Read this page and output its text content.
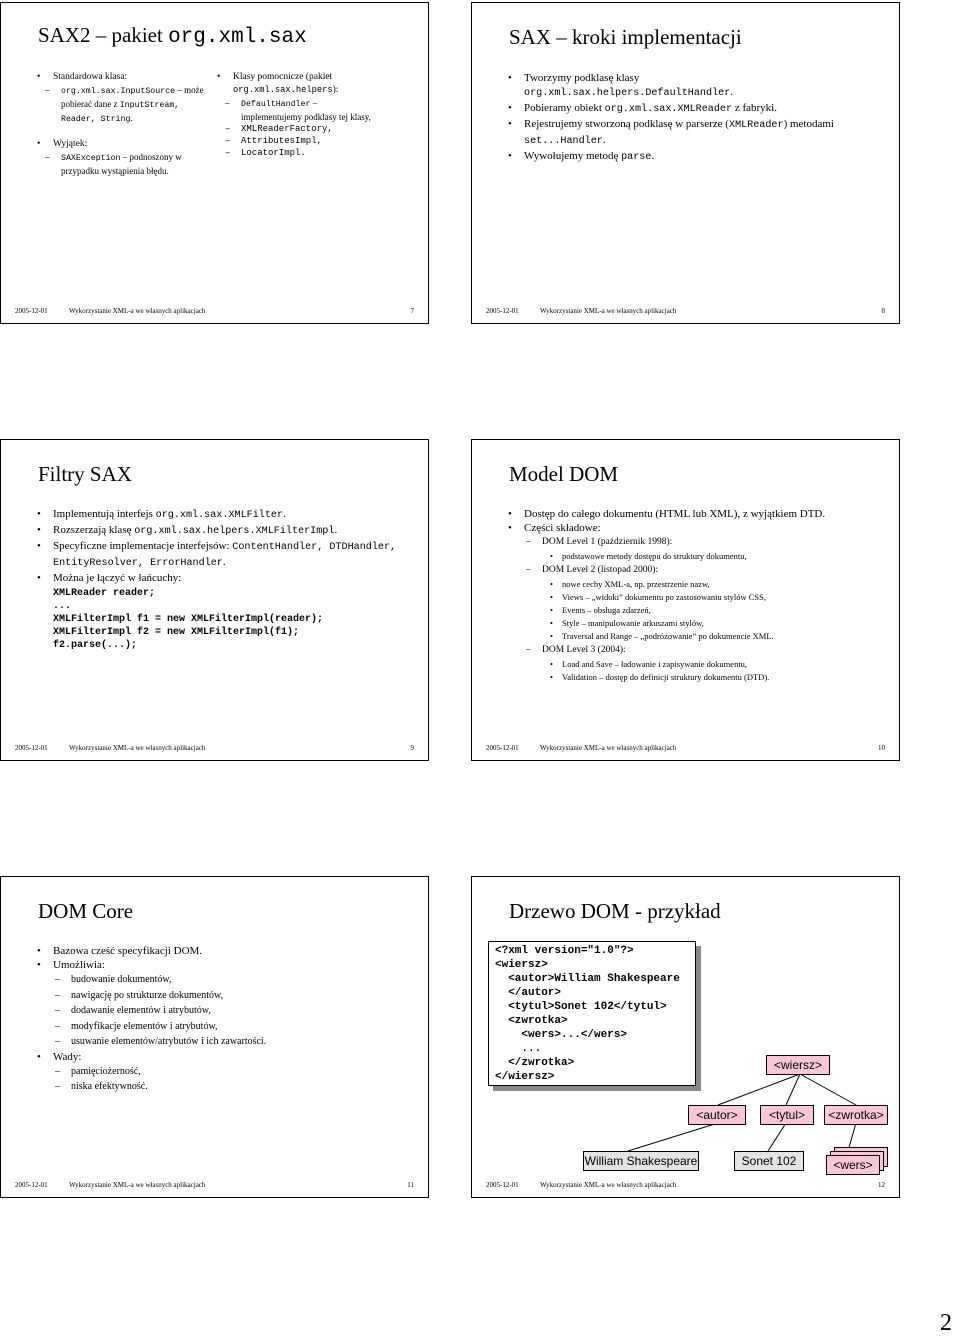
SAX2 – pakiet org.xml.sax
• Standardowa klasa:
– org.xml.sax.InputSource – może pobierać dane z InputStream, Reader, String.
• Wyjątek:
– SAXException – podnoszony w przypadku wystąpienia błędu.
• Klasy pomocnicze (pakiet org.xml.sax.helpers):
– DefaultHandler – implementujemy podklasy tej klasy,
– XMLReaderFactory,
– AttributesImpl,
– LocatorImpl.
2005-12-01	Wykorzystanie XML-a we własnych aplikacjach	7
SAX – kroki implementacji
• Tworzymy podklasę klasy
org.xml.sax.helpers.DefaultHandler.
• Pobieramy obiekt org.xml.sax.XMLReader z fabryki.
• Rejestrujemy stworzoną podklasę w parserze (XMLReader) metodami set...Handler.
• Wywołujemy metodę parse.
2005-12-01	Wykorzystanie XML-a we własnych aplikacjach	8
Filtry SAX
• Implementują interfejs org.xml.sax.XMLFilter.
• Rozszerzają klasę org.xml.sax.helpers.XMLFilterImpl.
• Specyficzne implementacje interfejsów: ContentHandler, DTDHandler, EntityResolver, ErrorHandler.
• Można je łączyć w łańcuchy:
XMLReader reader;
...
XMLFilterImpl f1 = new XMLFilterImpl(reader);
XMLFilterImpl f2 = new XMLFilterImpl(f1);
f2.parse(...);
2005-12-01	Wykorzystanie XML-a we własnych aplikacjach	9
Model DOM
• Dostęp do całego dokumentu (HTML lub XML), z wyjątkiem DTD.
• Części składowe:
– DOM Level 1 (październik 1998):
• podstawowe metody dostępu do struktury dokumentu,
– DOM Level 2 (listopad 2000):
• nowe cechy XML-a, np. przestrzenie nazw,
• Views – „widoki” dokumentu po zastosowaniu stylów CSS,
• Events – obsługa zdarzeń,
• Style – manipulowanie arkuszami stylów,
• Traversal and Range – „podróżowanie” po dokumencie XML.
– DOM Level 3 (2004):
• Load and Save – ładowanie i zapisywanie dokumentu,
• Validation – dostęp do definicji struktury dokumentu (DTD).
2005-12-01	Wykorzystanie XML-a we własnych aplikacjach	10
DOM Core
• Bazowa cześć specyfikacji DOM.
• Umożliwia:
– budowanie dokumentów,
– nawigację po strukturze dokumentów,
– dodawanie elementów i atrybutów,
– modyfikacje elementów i atrybutów,
– usuwanie elementów/atrybutów i ich zawartości.
• Wady:
– pamięciożerność,
– niska efektywność.
2005-12-01	Wykorzystanie XML-a we własnych aplikacjach	11
Drzewo DOM - przykład
<?xml version="1.0"?>
<wiersz>
<autor>William Shakespeare
</autor>
<tytul>Sonet 102</tytul>
<zwrotka>
<wers>...</wers>
...
</zwrotka>
</wiersz>
<wiersz>
<autor>	<tytul>	<zwrotka>
William Shakespeare	Sonet 102	<wers>
2005-12-01	Wykorzystanie XML-a we własnych aplikacjach	12
2
